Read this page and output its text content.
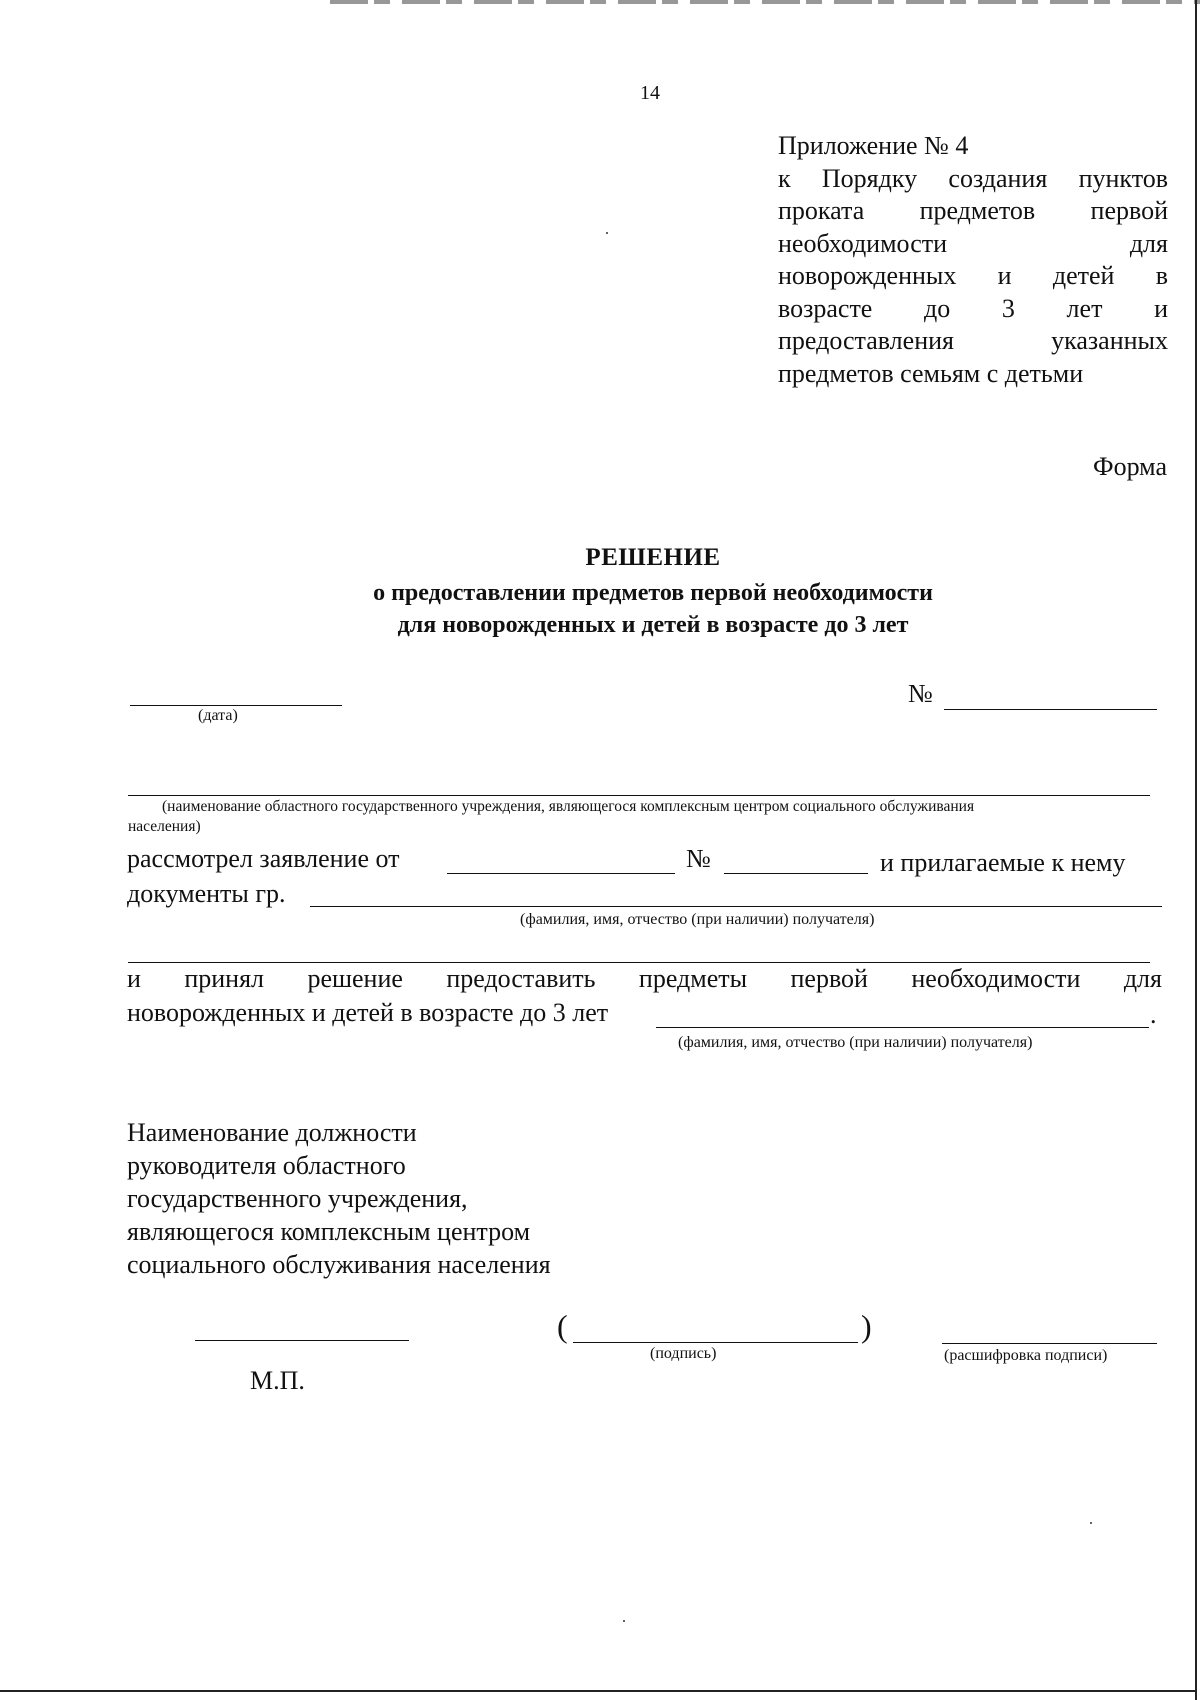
14
Приложение № 4
к Порядку создания пунктов
проката предметов первой
необходимости для
новорожденных и детей в
возрасте до 3 лет и
предоставления указанных
предметов семьям с детьми
Форма
РЕШЕНИЕ
о предоставлении предметов первой необходимости
для новорожденных и детей в возрасте до 3 лет
(дата)
№
(наименование областного государственного учреждения, являющегося комплексным центром социального обслуживания
населения)
рассмотрел заявление от	№	и прилагаемые к нему
документы гр.
(фамилия, имя, отчество (при наличии) получателя)
и принял решение предоставить предметы первой необходимости для
новорожденных и детей в возрасте до 3 лет	.
(фамилия, имя, отчество (при наличии) получателя)
Наименование должности
руководителя областного
государственного учреждения,
являющегося комплексным центром
социального обслуживания населения
(	)
(подпись)	(расшифровка подписи)
М.П.
